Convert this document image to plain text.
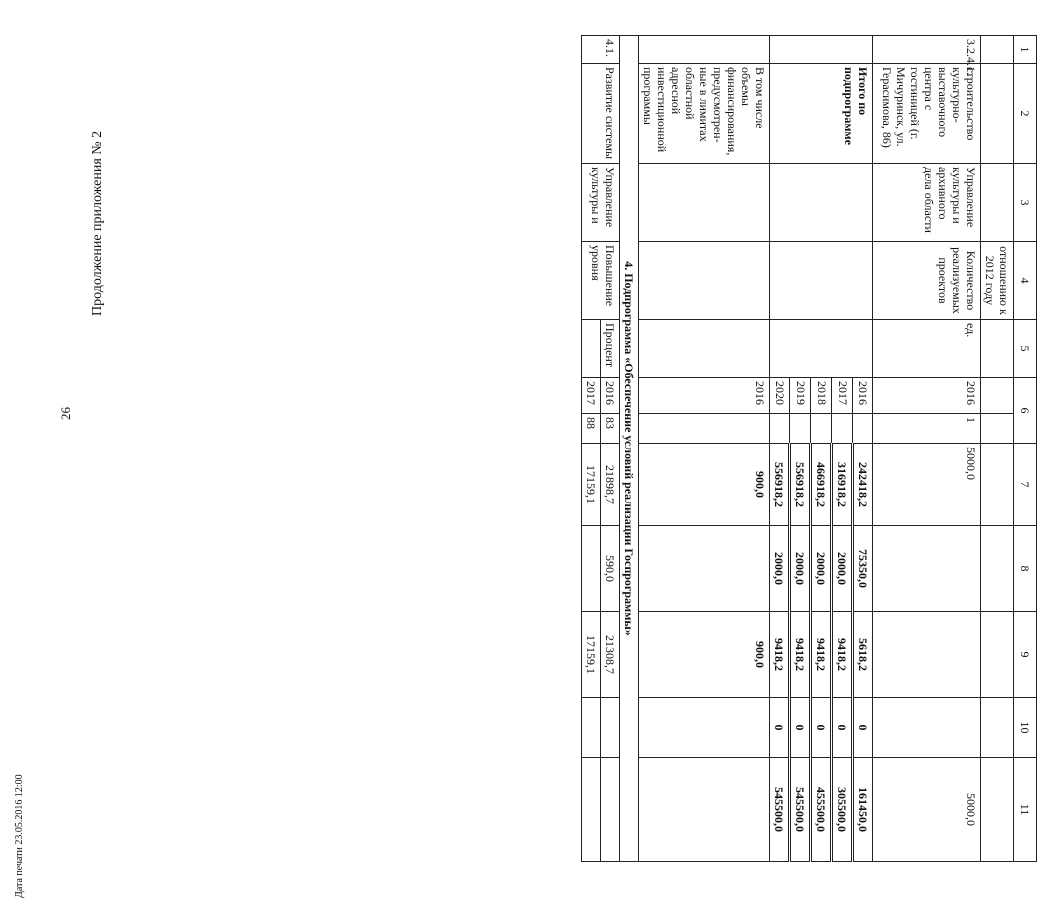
26
Продолжение приложения № 2
Дата печати 23.05.2016 12:00
1	2	3	4	5	6		7	8	9	10	11
			отношению к 2012 году								
3.2.4.1.	строительство культурно-выставочного центра с гостиницей (г. Мичуринск, ул. Герасимова, 86)	Управление культуры и архивного дела области	Количество реализуемых проектов	ед.	2016	1	5000,0				5000,0
	Итого по подпрограмме				2016		242418,2	75350,0	5618,2	0	161450,0
					2017		316918,2	2000,0	9418,2	0	305500,0
					2018		466918,2	2000,0	9418,2	0	455500,0
					2019		556918,2	2000,0	9418,2	0	545500,0
					2020		556918,2	2000,0	9418,2	0	545500,0
	В том числе объемы финансирования, предусмотрен-ные в лимитах областной адресной инвестиционной программы				2016		900,0		900,0		
4. Подпрограмма «Обеспечение условий реализации Госпрограммы»											
4.1.	Развитие системы	Управление культуры и	Повышение уровня	Процент	2016	83	21898,7	590,0	21308,7		
					2017	88	17159,1		17159,1		
